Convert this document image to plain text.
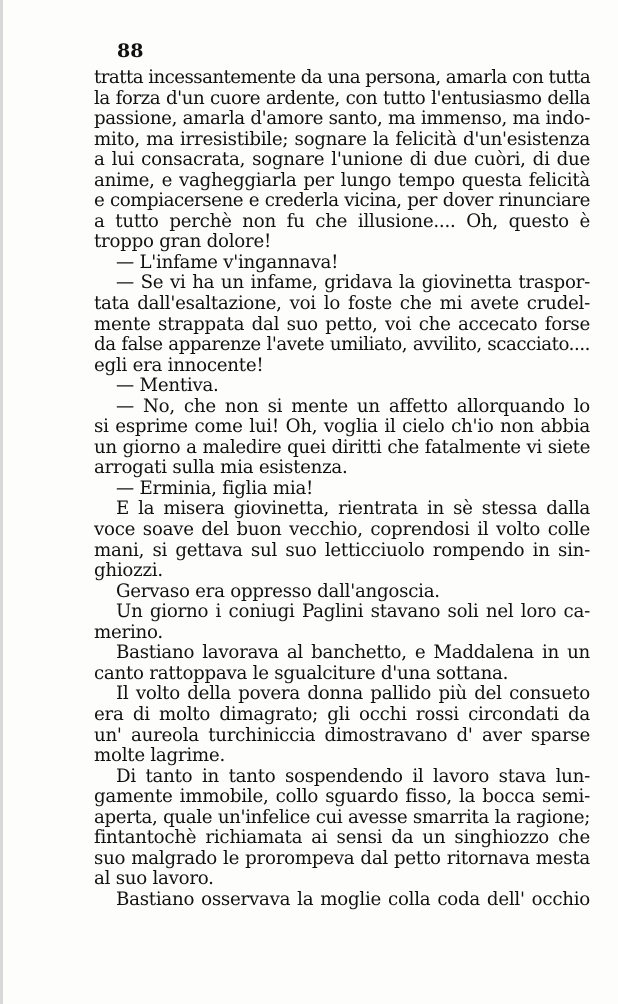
88
tratta incessantemente da una persona, amarla con tutta
la forza d'un cuore ardente, con tutto l'entusiasmo della
passione, amarla d'amore santo, ma immenso, ma indo-
mito, ma irresistibile; sognare la felicità d'un'esistenza
a lui consacrata, sognare l'unione di due cuòri, di due
anime, e vagheggiarla per lungo tempo questa felicità
e compiacersene e crederla vicina, per dover rinunciare
a tutto perchè non fu che illusione.... Oh, questo è
troppo gran dolore!
— L'infame v'ingannava!
— Se vi ha un infame, gridava la giovinetta traspor-
tata dall'esaltazione, voi lo foste che mi avete crudel-
mente strappata dal suo petto, voi che accecato forse
da false apparenze l'avete umiliato, avvilito, scacciato....
egli era innocente!
— Mentiva.
— No, che non si mente un affetto allorquando lo
si esprime come lui! Oh, voglia il cielo ch'io non abbia
un giorno a maledire quei diritti che fatalmente vi siete
arrogati sulla mia esistenza.
— Erminia, figlia mia!
E la misera giovinetta, rientrata in sè stessa dalla
voce soave del buon vecchio, coprendosi il volto colle
mani, si gettava sul suo letticciuolo rompendo in sin-
ghiozzi.
Gervaso era oppresso dall'angoscia.
Un giorno i coniugi Paglini stavano soli nel loro ca-
merino.
Bastiano lavorava al banchetto, e Maddalena in un
canto rattoppava le sgualciture d'una sottana.
Il volto della povera donna pallido più del consueto
era di molto dimagrato; gli occhi rossi circondati da
un' aureola turchiniccia dimostravano d' aver sparse
molte lagrime.
Di tanto in tanto sospendendo il lavoro stava lun-
gamente immobile, collo sguardo fisso, la bocca semi-
aperta, quale un'infelice cui avesse smarrita la ragione;
fintantochè richiamata ai sensi da un singhiozzo che
suo malgrado le prorompeva dal petto ritornava mesta
al suo lavoro.
Bastiano osservava la moglie colla coda dell' occhio
